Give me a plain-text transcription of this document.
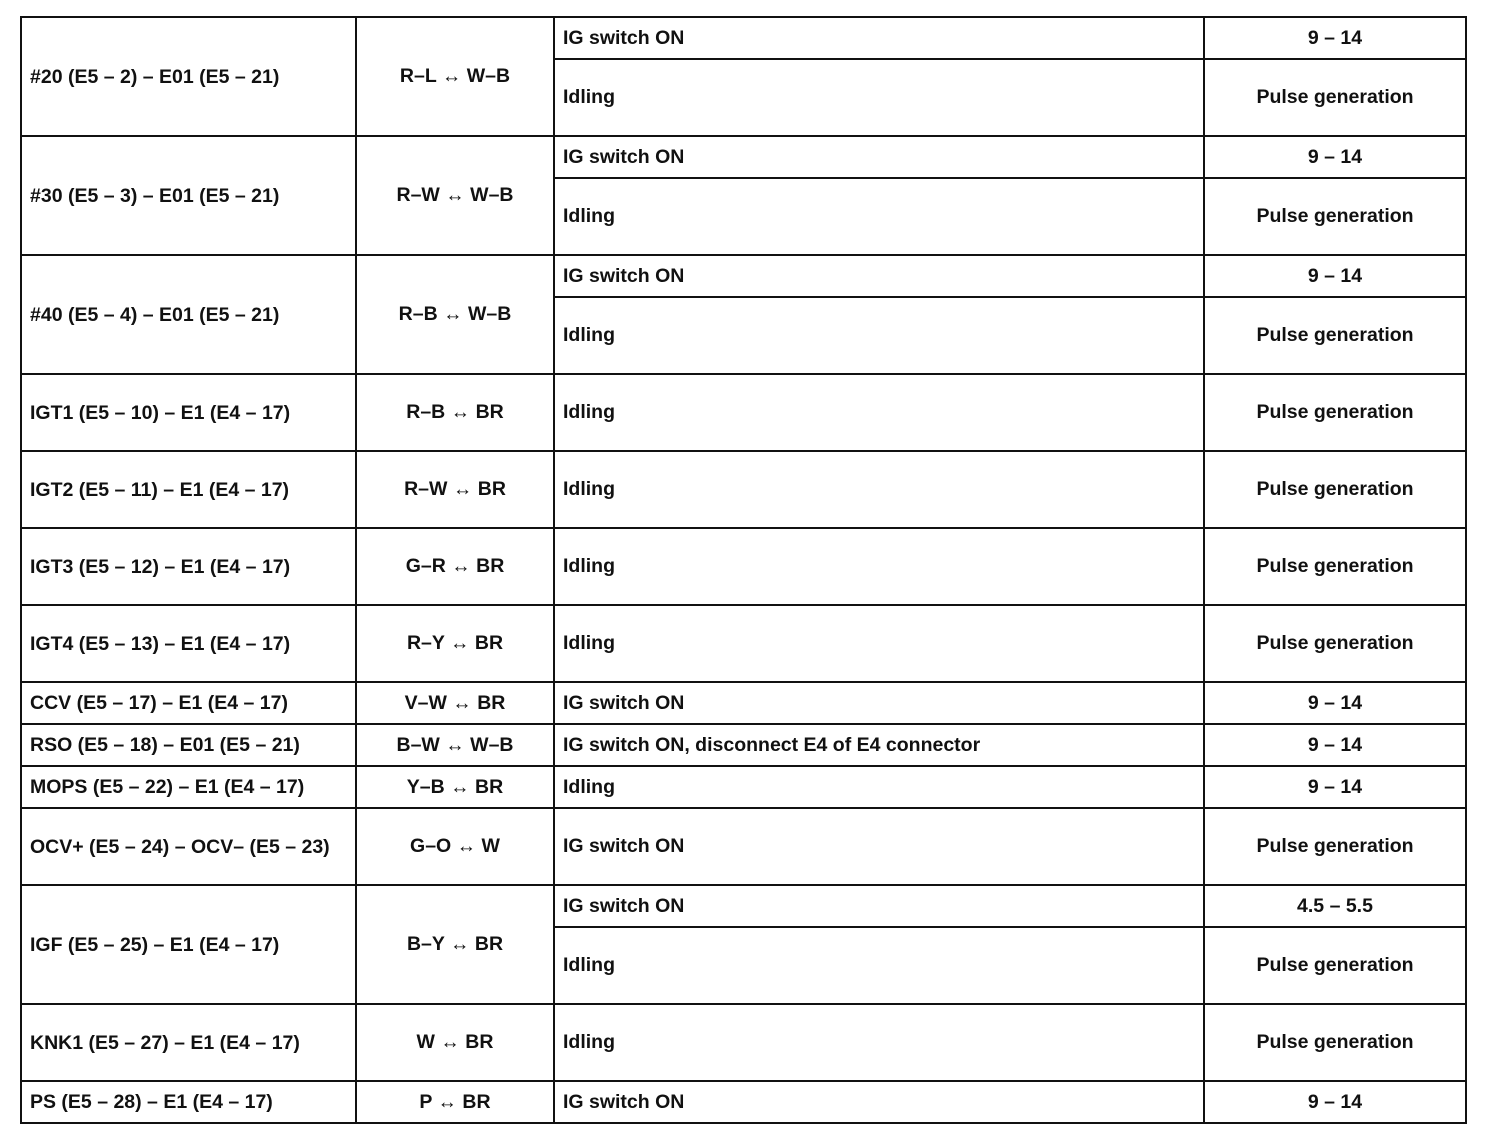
#20 (E5 – 2) – E01 (E5 – 21)	R–L ↔ W–B	IG switch ON	9 – 14
		Idling	Pulse generation
#30 (E5 – 3) – E01 (E5 – 21)	R–W ↔ W–B	IG switch ON	9 – 14
		Idling	Pulse generation
#40 (E5 – 4) – E01 (E5 – 21)	R–B ↔ W–B	IG switch ON	9 – 14
		Idling	Pulse generation
IGT1 (E5 – 10) – E1 (E4 – 17)	R–B ↔ BR	Idling	Pulse generation
IGT2 (E5 – 11) – E1 (E4 – 17)	R–W ↔ BR	Idling	Pulse generation
IGT3 (E5 – 12) – E1 (E4 – 17)	G–R ↔ BR	Idling	Pulse generation
IGT4 (E5 – 13) – E1 (E4 – 17)	R–Y ↔ BR	Idling	Pulse generation
CCV (E5 – 17) – E1 (E4 – 17)	V–W ↔ BR	IG switch ON	9 – 14
RSO (E5 – 18) – E01 (E5 – 21)	B–W ↔ W–B	IG switch ON, disconnect E4 of E4 connector	9 – 14
MOPS (E5 – 22) – E1 (E4 – 17)	Y–B ↔ BR	Idling	9 – 14
OCV+ (E5 – 24) – OCV– (E5 – 23)	G–O ↔ W	IG switch ON	Pulse generation
IGF (E5 – 25) – E1 (E4 – 17)	B–Y ↔ BR	IG switch ON	4.5 – 5.5
		Idling	Pulse generation
KNK1 (E5 – 27) – E1 (E4 – 17)	W ↔ BR	Idling	Pulse generation
PS (E5 – 28) – E1 (E4 – 17)	P ↔ BR	IG switch ON	9 – 14
